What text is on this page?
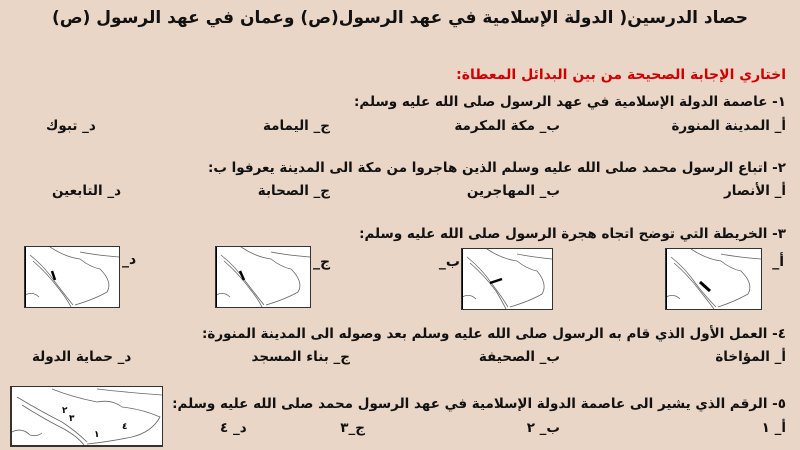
حصاد الدرسين( الدولة الإسلامية في عهد الرسول(ص) وعمان في عهد الرسول (ص)
اختاري الإجابة الصحيحة من بين البدائل المعطاة:
١- عاصمة الدولة الإسلامية في عهد الرسول صلى الله عليه وسلم:
أ_ المدينة المنورة
ب_ مكة المكرمة
ج_ اليمامة
د_ تبوك
٢- اتباع الرسول محمد صلى الله عليه وسلم الذين هاجروا من مكة الى المدينة يعرفوا ب:
أ_ الأنصار
ب_ المهاجرين
ج_ الصحابة
د_ التابعين
٣- الخريطة التي توضح اتجاه هجرة الرسول صلى الله عليه وسلم:
أ_
ب_
ج_
د_
٤- العمل الأول الذي قام به الرسول صلى الله عليه وسلم بعد وصوله الى المدينة المنورة:
أ_ المؤاخاة
ب_ الصحيفة
ج_ بناء المسجد
د_ حماية الدولة
٥- الرقم الذي يشير الى عاصمة الدولة الإسلامية في عهد الرسول محمد صلى الله عليه وسلم:
أ_ ١
ب_ ٢
ج_٣
د_ ٤
٢
٣
١
٤
